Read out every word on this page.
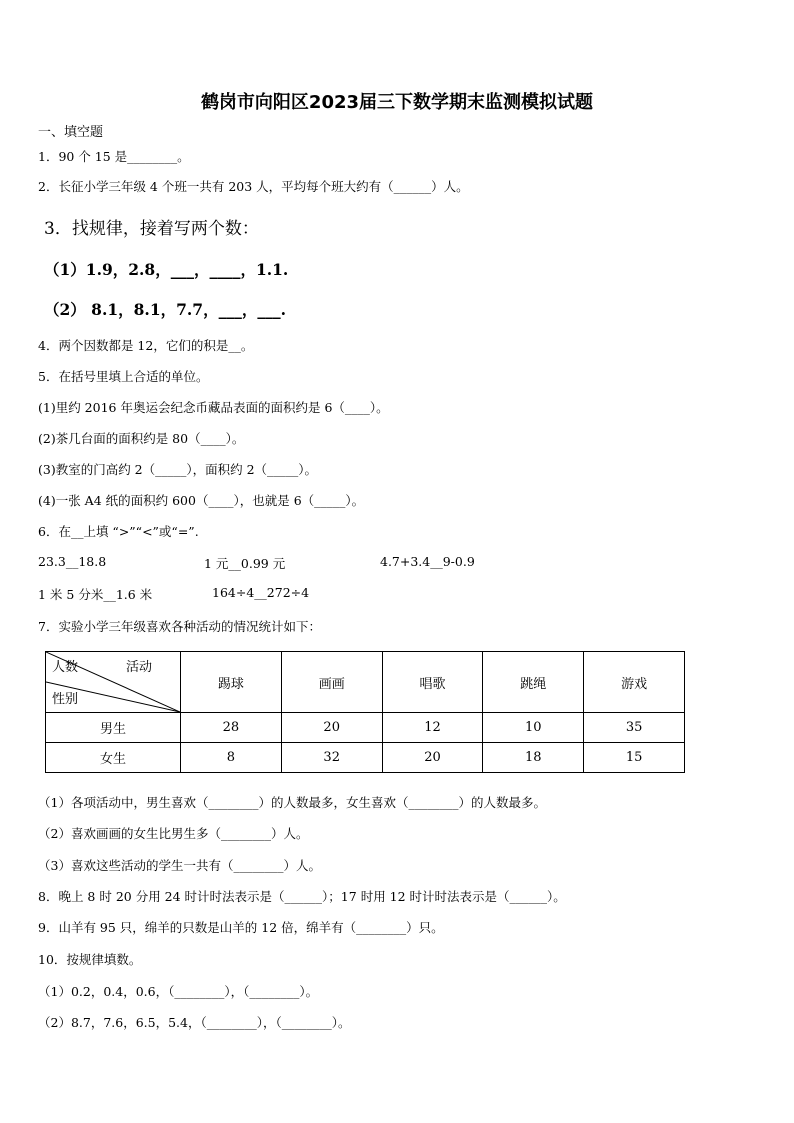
鹤岗市向阳区2023届三下数学期末监测模拟试题
一、填空题
1．90 个 15 是________。
2．长征小学三年级 4 个班一共有 203 人，平均每个班大约有（______）人。
3．找规律，接着写两个数：
（1）1.9，2.8，___，____，1.1.
（2） 8.1，8.1，7.7，___，___.
4．两个因数都是 12，它们的积是__。
5．在括号里填上合适的单位。
(1)里约 2016 年奥运会纪念币藏品表面的面积约是 6（____）。
(2)茶几台面的面积约是 80（____）。
(3)教室的门高约 2（_____），面积约 2（_____）。
(4)一张 A4 纸的面积约 600（____），也就是 6（_____）。
6．在__上填 “>”“<”或“=”.
23.3__18.8	1 元__0.99 元	4.7+3.4__9-0.9
1 米 5 分米__1.6 米	164÷4__272÷4
7．实验小学三年级喜欢各种活动的情况统计如下：
人数 活动
性别	踢球	画画	唱歌	跳绳	游戏
男生	28	20	12	10	35
女生	8	32	20	18	15
（1）各项活动中，男生喜欢（________）的人数最多，女生喜欢（________）的人数最多。
（2）喜欢画画的女生比男生多（________）人。
（3）喜欢这些活动的学生一共有（________）人。
8．晚上 8 时 20 分用 24 时计时法表示是（______）；17 时用 12 时计时法表示是（______）。
9．山羊有 95 只，绵羊的只数是山羊的 12 倍，绵羊有（________）只。
10．按规律填数。
（1）0.2，0.4，0.6，（________），（________）。
（2）8.7，7.6，6.5，5.4，（________），（________）。
